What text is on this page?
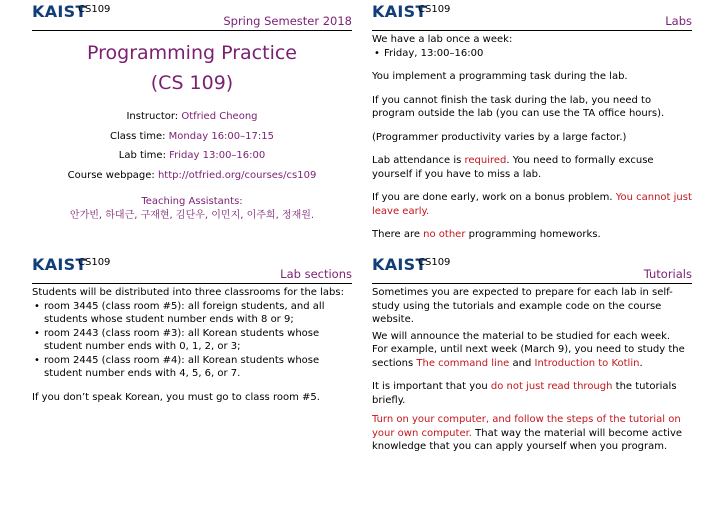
KAIST
CS109
Spring Semester 2018
Programming Practice
(CS 109)

Instructor: Otfried Cheong

Class time: Monday 16:00–17:15

Lab time: Friday 13:00–16:00

Course webpage: http://otfried.org/courses/cs109

Teaching Assistants:

안가빈, 하대근, 구재현, 김단우, 이민지, 이주희, 정재원.

KAIST
CS109
Labs

We have a lab once a week:

• Friday, 13:00–16:00

You implement a programming task during the lab.

If you cannot finish the task during the lab, you need to program outside the lab (you can use the TA office hours).

(Programmer productivity varies by a large factor.)

Lab attendance is required. You need to formally excuse yourself if you have to miss a lab.

If you are done early, work on a bonus problem. You cannot just leave early.

There are no other programming homeworks.

KAIST
CS109
Lab sections

Students will be distributed into three classrooms for the labs:

• room 3445 (class room #5): all foreign students, and all students whose student number ends with 8 or 9;
• room 2443 (class room #3): all Korean students whose student number ends with 0, 1, 2, or 3;
• room 2445 (class room #4): all Korean students whose student number ends with 4, 5, 6, or 7.

If you don’t speak Korean, you must go to class room #5.

KAIST
CS109
Tutorials

Sometimes you are expected to prepare for each lab in self-study using the tutorials and example code on the course website.

We will announce the material to be studied for each week.

For example, until next week (March 9), you need to study the sections The command line and Introduction to Kotlin.

It is important that you do not just read through the tutorials briefly.

Turn on your computer, and follow the steps of the tutorial on your own computer. That way the material will become active knowledge that you can apply yourself when you program.
